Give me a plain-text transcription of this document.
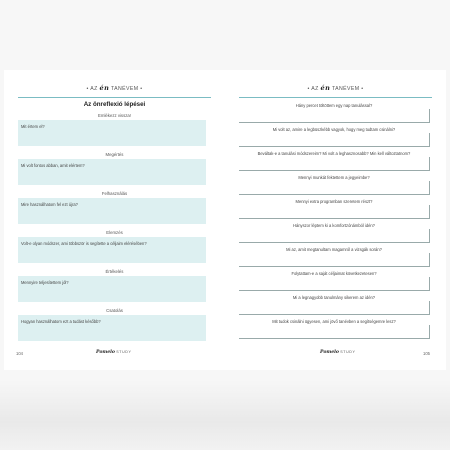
• AZ én TANÉVEM •
Az önreflexió lépései
Emlékezz vissza!
Mit értem el?
Megértés
Mi volt fontos abban, amit elértem?
Felhasználás
Mire használhatom fel ezt újra?
Elemzés
Volt-e olyan módszer, ami többször is segítette a céljaim elérésében?
Értékelés
Mennyire teljesítettem jól?
Csatolás
Hogyan használhatom ezt a tudást később?
104	Pomelo STUDY
• AZ én TANÉVEM •
Hány percet töltöttem egy nap tanulással?
Mi volt az, amire a legbüszkébb vagyok, hogy meg tudtam csinálni?
Beváltak-e a tanulási módszereim? Mi volt a leghasznosabb? Min kell változtatnom?
Mennyi munkát fektettem a jegyeimbe?
Mennyi extra programban szeretem részt?
Hányszor léptem ki a komfortzónámból idén?
Mi az, amit megtanultam magamról a vizsgák során?
Folytattam-e a saját céljaimat következetesen?
Mi a legnagyobb tanulmány sikerem az idén?
Mit tudok csinálni ügyesen, ami jövő tanévben a segítségemre lesz?
Pomelo STUDY	105
